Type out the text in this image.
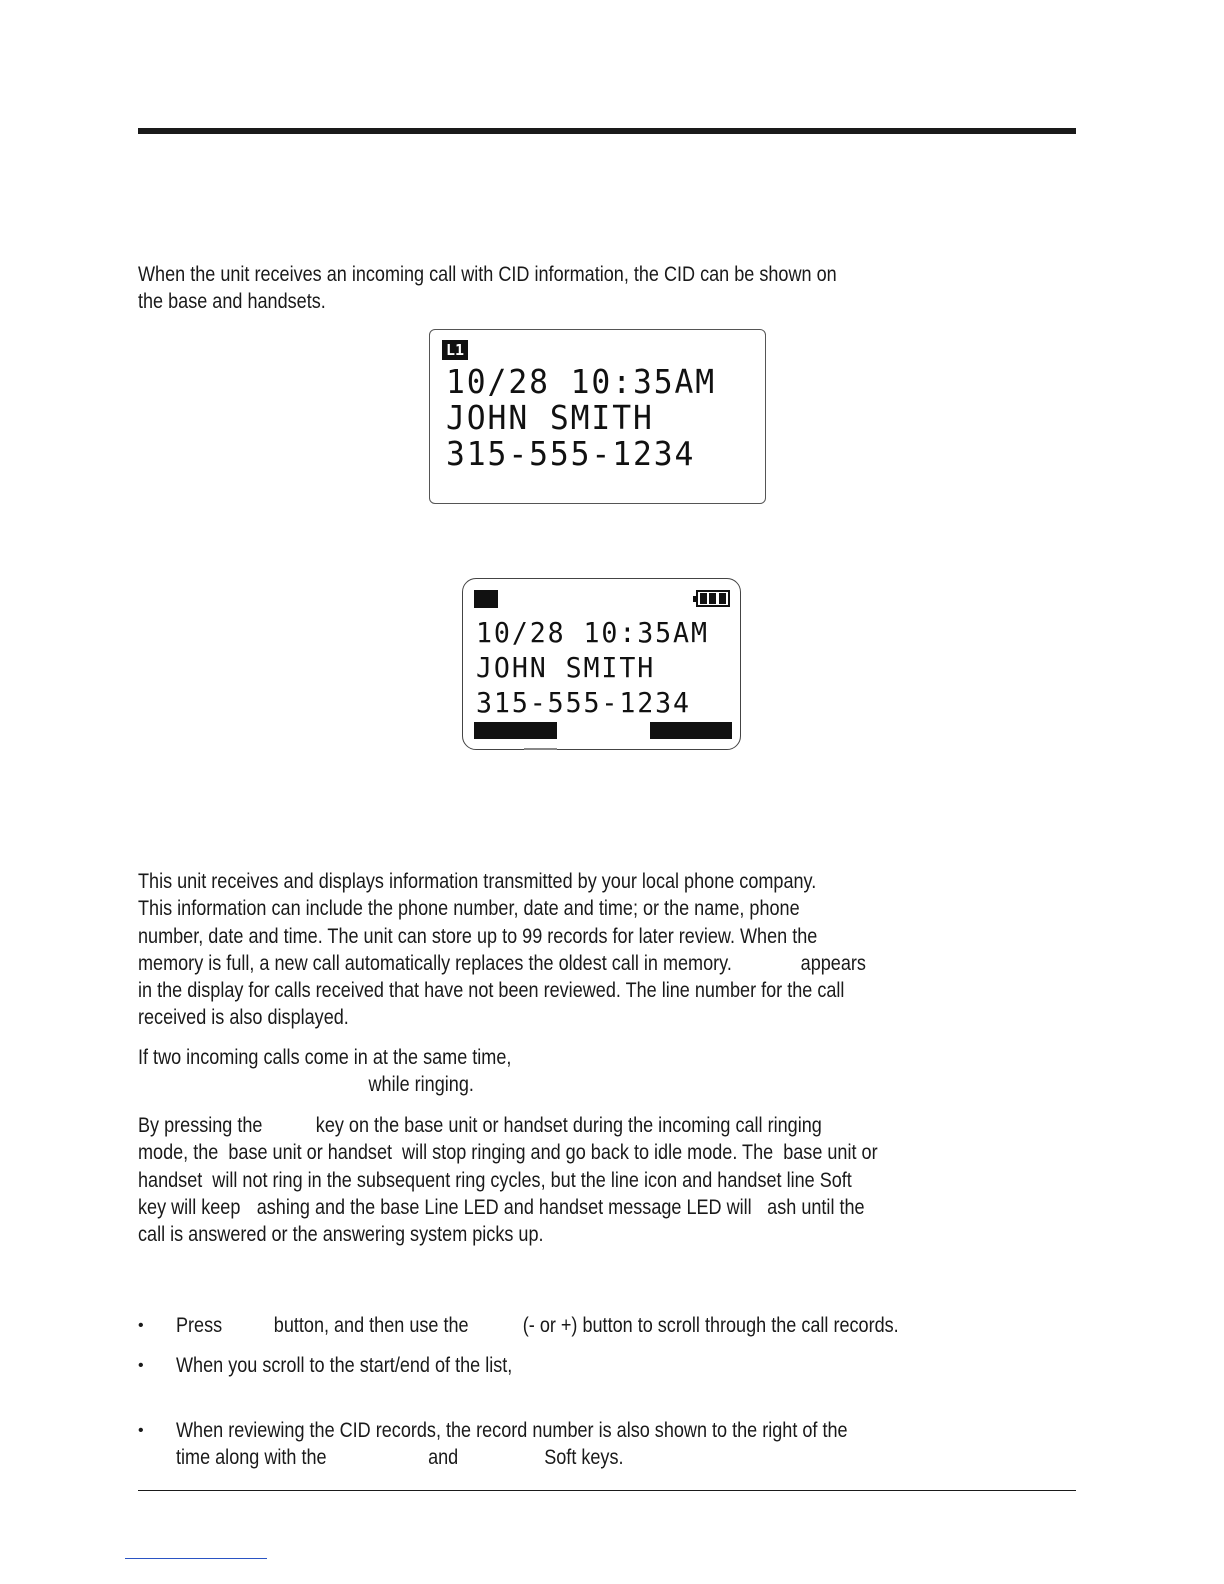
When the unit receives an incoming call with CID information, the CID can be shown on
the base and handsets.
L1
10/28 10:35AM
JOHN SMITH
315-555-1234
10/28 10:35AM
JOHN SMITH
315-555-1234
This unit receives and displays information transmitted by your local phone company.
This information can include the phone number, date and time; or the name, phone
number, date and time. The unit can store up to 99 records for later review. When the
memory is full, a new call automatically replaces the oldest call in memory.	appears
in the display for calls received that have not been reviewed. The line number for the call
received is also displayed.
If two incoming calls come in at the same time,
while ringing.
By pressing the	key on the base unit or handset during the incoming call ringing
mode, the  base unit or handset  will stop ringing and go back to idle mode. The  base unit or
handset  will not ring in the subsequent ring cycles, but the line icon and handset line Soft
key will keep ashing and the base Line LED and handset message LED will ash until the
call is answered or the answering system picks up.
• Press button, and then use the	(- or +) button to scroll through the call records.
• When you scroll to the start/end of the list,
• When reviewing the CID records, the record number is also shown to the right of the
time along with the	and	Soft keys.
